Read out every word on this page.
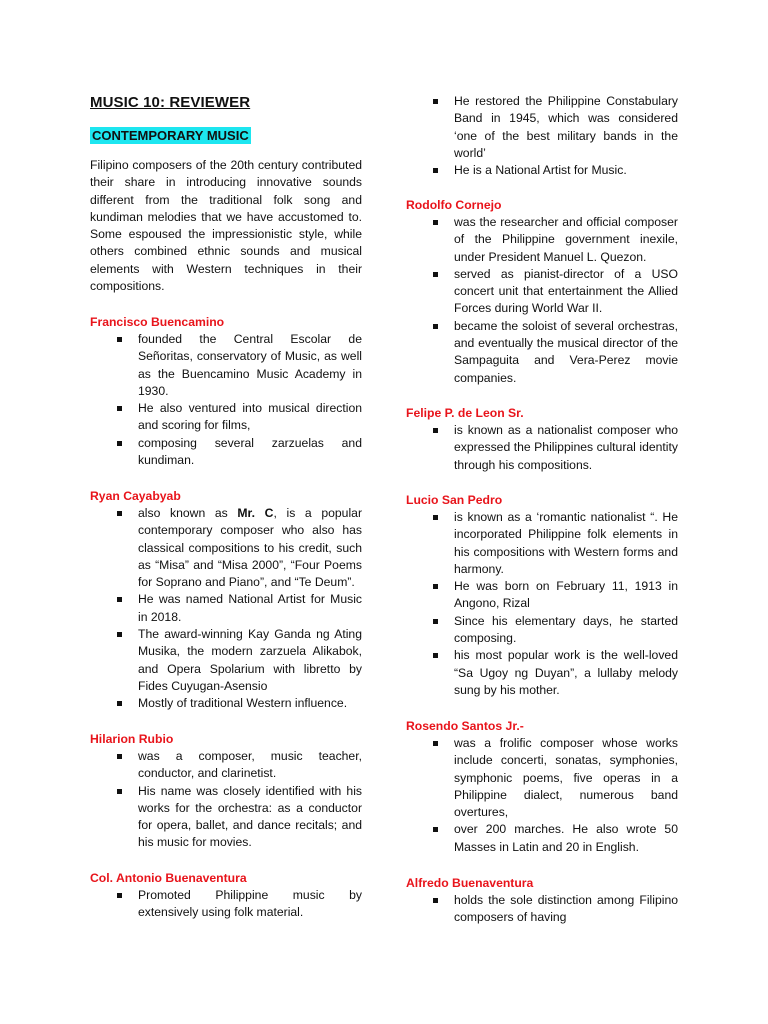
MUSIC 10: REVIEWER
CONTEMPORARY MUSIC
Filipino composers of the 20th century contributed their share in introducing innovative sounds different from the traditional folk song and kundiman melodies that we have accustomed to. Some espoused the impressionistic style, while others combined ethnic sounds and musical elements with Western techniques in their compositions.
Francisco Buencamino
founded the Central Escolar de Señoritas, conservatory of Music, as well as the Buencamino Music Academy in 1930.
He also ventured into musical direction and scoring for films,
composing several zarzuelas and kundiman.
Ryan Cayabyab
also known as Mr. C, is a popular contemporary composer who also has classical compositions to his credit, such as “Misa” and “Misa 2000”, “Four Poems for Soprano and Piano”, and “Te Deum”.
He was named National Artist for Music in 2018.
The award-winning Kay Ganda ng Ating Musika, the modern zarzuela Alikabok, and Opera Spolarium with libretto by Fides Cuyugan-Asensio
Mostly of traditional Western influence.
Hilarion Rubio
was a composer, music teacher, conductor, and clarinetist.
His name was closely identified with his works for the orchestra: as a conductor for opera, ballet, and dance recitals; and his music for movies.
Col. Antonio Buenaventura
Promoted Philippine music by extensively using folk material.
He restored the Philippine Constabulary Band in 1945, which was considered ‘one of the best military bands in the world’
He is a National Artist for Music.
Rodolfo Cornejo
was the researcher and official composer of the Philippine government inexile, under President Manuel L. Quezon.
served as pianist-director of a USO concert unit that entertainment the Allied Forces during World War II.
became the soloist of several orchestras, and eventually the musical director of the Sampaguita and Vera-Perez movie companies.
Felipe P. de Leon Sr.
is known as a nationalist composer who expressed the Philippines cultural identity through his compositions.
Lucio San Pedro
is known as a ‘romantic nationalist “. He incorporated Philippine folk elements in his compositions with Western forms and harmony.
He was born on February 11, 1913 in Angono, Rizal
Since his elementary days, he started composing.
his most popular work is the well-loved “Sa Ugoy ng Duyan”, a lullaby melody sung by his mother.
Rosendo Santos Jr.-
was a frolific composer whose works include concerti, sonatas, symphonies, symphonic poems, five operas in a Philippine dialect, numerous band overtures,
over 200 marches. He also wrote 50 Masses in Latin and 20 in English.
Alfredo Buenaventura
holds the sole distinction among Filipino composers of having
